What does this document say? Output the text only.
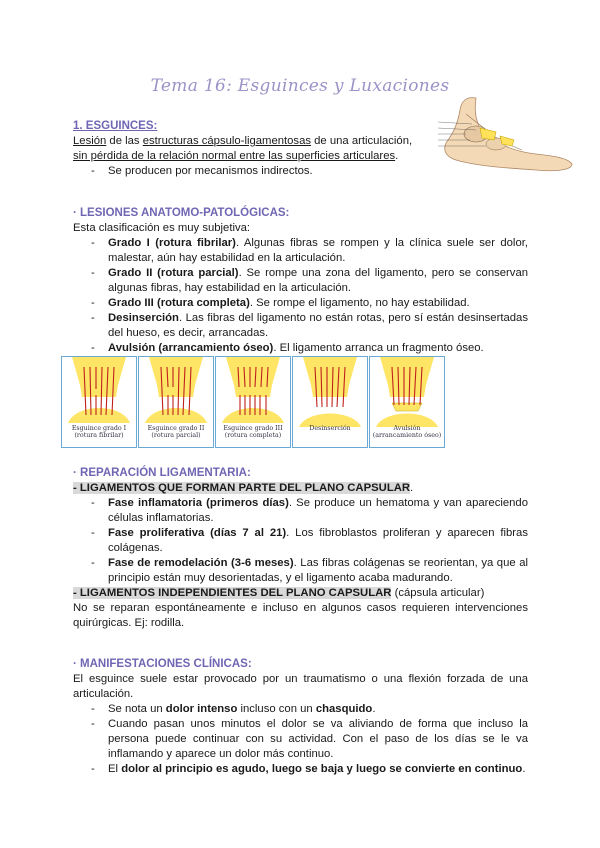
Tema 16: Esguinces y Luxaciones
1. ESGUINCES:
Lesión de las estructuras cápsulo-ligamentosas de una articulación,
sin pérdida de la relación normal entre las superficies articulares.
- Se producen por mecanismos indirectos.
· LESIONES ANATOMO-PATOLÓGICAS:
Esta clasificación es muy subjetiva:
- Grado I (rotura fibrilar). Algunas fibras se rompen y la clínica suele ser dolor, malestar, aún hay estabilidad en la articulación.
- Grado II (rotura parcial). Se rompe una zona del ligamento, pero se conservan algunas fibras, hay estabilidad en la articulación.
- Grado III (rotura completa). Se rompe el ligamento, no hay estabilidad.
- Desinserción. Las fibras del ligamento no están rotas, pero sí están desinsertadas del hueso, es decir, arrancadas.
- Avulsión (arrancamiento óseo). El ligamento arranca un fragmento óseo.
Esguince grado I (rotura fibrilar)
Esguince grado II (rotura parcial)
Esguince grado III (rotura completa)
Desinserción	Avulsión (arrancamiento óseo)
· REPARACIÓN LIGAMENTARIA:
- LIGAMENTOS QUE FORMAN PARTE DEL PLANO CAPSULAR.
- Fase inflamatoria (primeros días). Se produce un hematoma y van apareciendo células inflamatorias.
- Fase proliferativa (días 7 al 21). Los fibroblastos proliferan y aparecen fibras colágenas.
- Fase de remodelación (3-6 meses). Las fibras colágenas se reorientan, ya que al principio están muy desorientadas, y el ligamento acaba madurando.
- LIGAMENTOS INDEPENDIENTES DEL PLANO CAPSULAR (cápsula articular)
No se reparan espontáneamente e incluso en algunos casos requieren intervenciones quirúrgicas. Ej: rodilla.
· MANIFESTACIONES CLÍNICAS:
El esguince suele estar provocado por un traumatismo o una flexión forzada de una articulación.
- Se nota un dolor intenso incluso con un chasquido.
- Cuando pasan unos minutos el dolor se va aliviando de forma que incluso la persona puede continuar con su actividad. Con el paso de los días se le va inflamando y aparece un dolor más continuo.
- El dolor al principio es agudo, luego se baja y luego se convierte en continuo.
